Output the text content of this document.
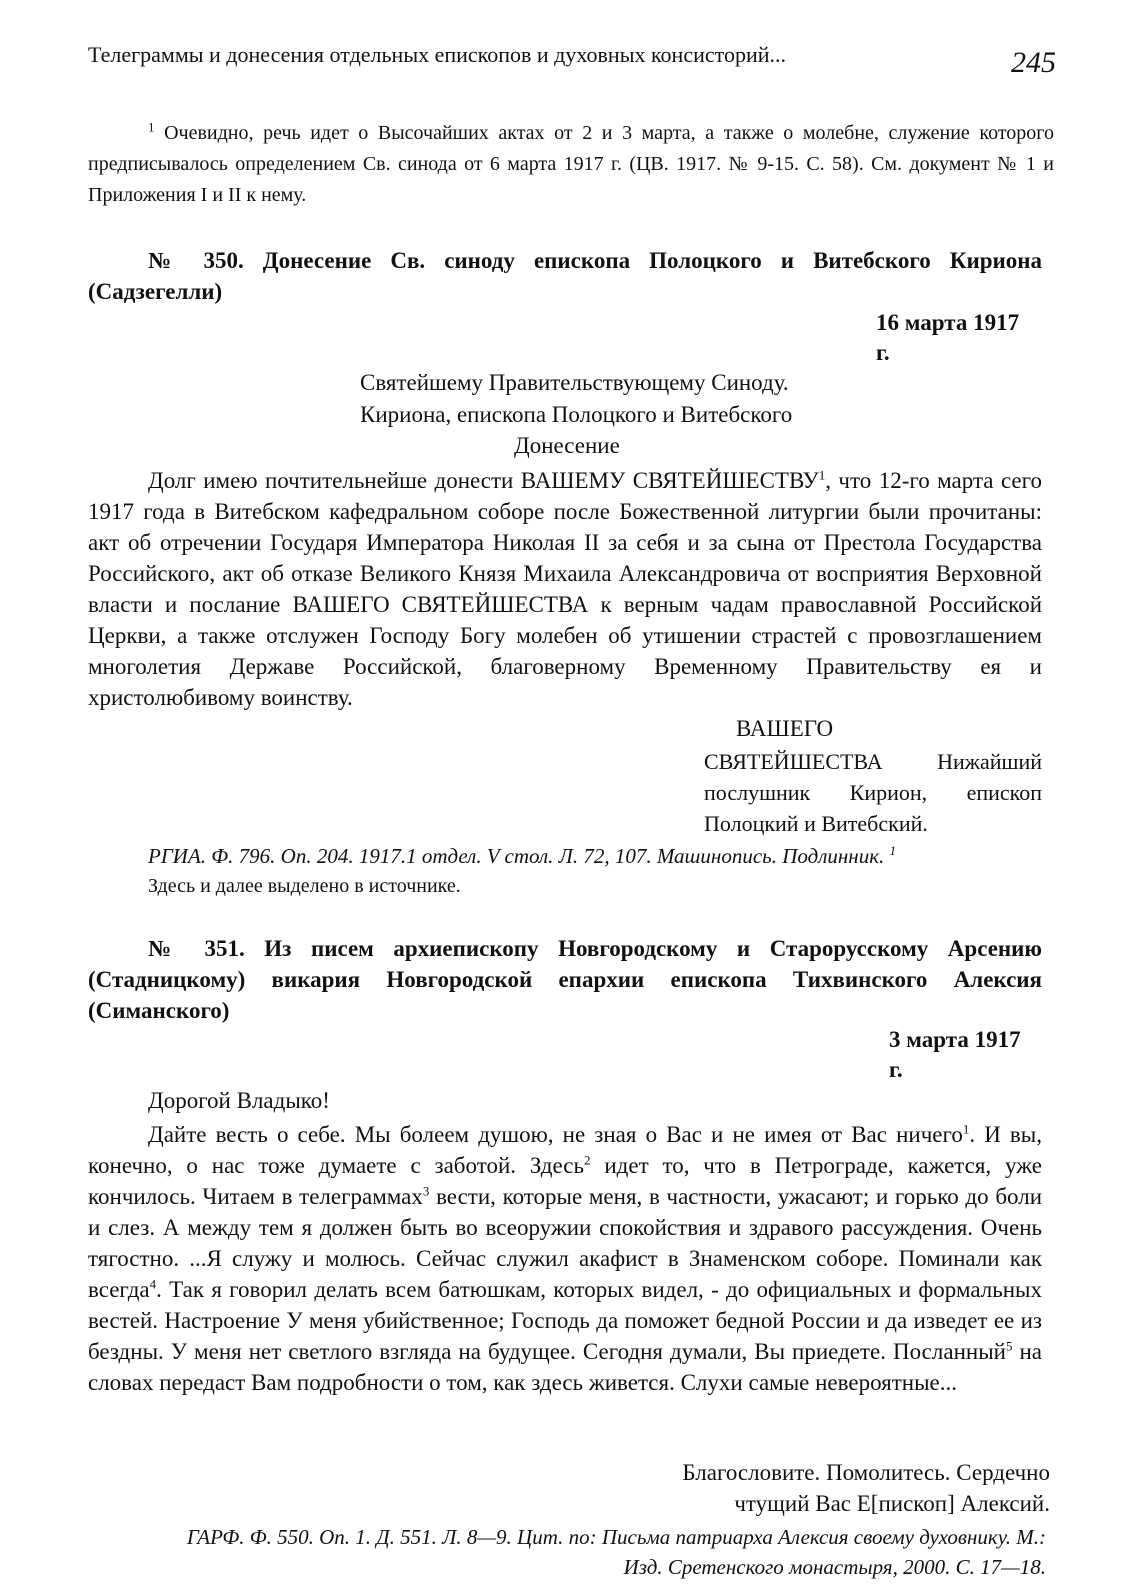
Телеграммы и донесения отдельных епископов и духовных консисторий...	245
$^1$ Очевидно, речь идет о Высочайших актах от 2 и 3 марта, а также о молебне, служение которого предписывалось определением Св. синода от 6 марта 1917 г. (ЦВ. 1917. № 9-15. С. 58). См. документ № 1 и Приложения I и II к нему.
№ 350. Донесение Св. синоду епископа Полоцкого и Витебского Кириона (Садзегелли)
16 марта 1917
г.
Святейшему Правительствующему Синоду.
Кириона, епископа Полоцкого и Витебского
Донесение
Долг имею почтительнейше донести ВАШЕМУ СВЯТЕЙШЕСТВУ$^1$, что 12-го марта сего 1917 года в Витебском кафедральном соборе после Божественной литургии были прочитаны: акт об отречении Государя Императора Николая II за себя и за сына от Престола Государства Российского, акт об отказе Великого Князя Михаила Александровича от восприятия Верховной власти и послание ВАШЕГО СВЯТЕЙШЕСТВА к верным чадам православной Российской Церкви, а также отслужен Господу Богу молебен об утишении страстей с провозглашением многолетия Державе Российской, благоверному Временному Правительству ея и христолюбивому воинству.
ВАШЕГО
СВЯТЕЙШЕСТВА Нижайший послушник Кирион, епископ Полоцкий и Витебский.
РГИА. Ф. 796. Оп. 204. 1917.1 отдел. V стол. Л. 72, 107. Машинопись. Подлинник. $^1$
Здесь и далее выделено в источнике.
№ 351. Из писем архиепископу Новгородскому и Старорусскому Арсению (Стадницкому) викария Новгородской епархии епископа Тихвинского Алексия (Симанского)
3 марта 1917
г.
Дорогой Владыко!
Дайте весть о себе. Мы болеем душою, не зная о Вас и не имея от Вас ничего$^1$. И вы, конечно, о нас тоже думаете с заботой. Здесь$^2$ идет то, что в Петрограде, кажется, уже кончилось. Читаем в телеграммах$^3$ вести, которые меня, в частности, ужасают; и горько до боли и слез. А между тем я должен быть во всеоружии спокойствия и здравого рассуждения. Очень тягостно. ...Я служу и молюсь. Сейчас служил акафист в Знаменском соборе. Поминали как всегда$^4$. Так я говорил делать всем батюшкам, которых видел, - до официальных и формальных вестей. Настроение У меня убийственное; Господь да поможет бедной России и да изведет ее из бездны. У меня нет светлого взгляда на будущее. Сегодня думали, Вы приедете. Посланный$^5$ на словах передаст Вам подробности о том, как здесь живется. Слухи самые невероятные...
Благословите. Помолитесь. Сердечно
чтущий Вас Е[пископ] Алексий.
ГАРФ. Ф. 550. Оп. 1. Д. 551. Л. 8—9. Цит. по: Письма патриарха Алексия своему духовнику. М.: Изд. Сретенского монастыря, 2000. С. 17—18.
